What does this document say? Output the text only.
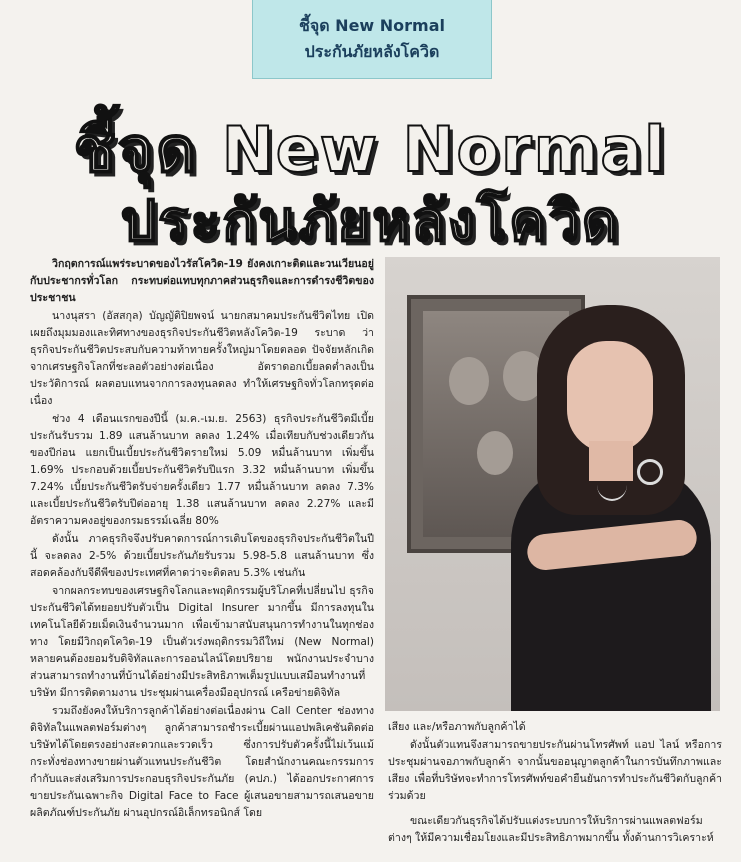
ชี้จุด New Normal
ประกันภัยหลังโควิด
ชี้จุด New Normal
ประกันภัยหลังโควิด

วิกฤตการณ์แพร่ระบาดของไวรัสโควิด-19 ยังคงเกาะติดและวนเวียนอยู่กับประชากรทั่วโลก กระทบต่อแทบทุกภาคส่วนธุรกิจและการดำรงชีวิตของประชาชน

นางนุสรา (อัสสกุล) บัญญัติปิยพจน์ นายกสมาคมประกันชีวิตไทย เปิดเผยถึงมุมมองและทิศทางของธุรกิจประกันชีวิตหลังโควิด-19 ระบาด ว่า ธุรกิจประกันชีวิตประสบกับความท้าทายครั้งใหญ่มาโดยตลอด ปัจจัยหลักเกิดจากเศรษฐกิจโลกที่ชะลอตัวอย่างต่อเนื่อง อัตราดอกเบี้ยลดต่ำลงเป็นประวัติการณ์ ผลตอบแทนจากการลงทุนลดลง ทำให้เศรษฐกิจทั่วโลกทรุดต่อเนื่อง

ช่วง 4 เดือนแรกของปีนี้ (ม.ค.-เม.ย. 2563) ธุรกิจประกันชีวิตมีเบี้ยประกันรับรวม 1.89 แสนล้านบาท ลดลง 1.24% เมื่อเทียบกับช่วงเดียวกันของปีก่อน แยกเป็นเบี้ยประกันชีวิตรายใหม่ 5.09 หมื่นล้านบาท เพิ่มขึ้น 1.69% ประกอบด้วยเบี้ยประกันชีวิตรับปีแรก 3.32 หมื่นล้านบาท เพิ่มขึ้น 7.24% เบี้ยประกันชีวิตรับจ่ายครั้งเดียว 1.77 หมื่นล้านบาท ลดลง 7.3% และเบี้ยประกันชีวิตรับปีต่ออายุ 1.38 แสนล้านบาท ลดลง 2.27% และมีอัตราความคงอยู่ของกรมธรรม์เฉลี่ย 80%

ดังนั้น ภาคธุรกิจจึงปรับคาดการณ์การเติบโตของธุรกิจประกันชีวิตในปีนี้ จะลดลง 2-5% ด้วยเบี้ยประกันภัยรับรวม 5.98-5.8 แสนล้านบาท ซึ่งสอดคล้องกับจีดีพีของประเทศที่คาดว่าจะติดลบ 5.3% เช่นกัน

จากผลกระทบของเศรษฐกิจโลกและพฤติกรรมผู้บริโภคที่เปลี่ยนไป ธุรกิจประกันชีวิตได้ทยอยปรับตัวเป็น Digital Insurer มากขึ้น มีการลงทุนในเทคโนโลยีด้วยเม็ดเงินจำนวนมาก เพื่อเข้ามาสนับสนุนการทำงานในทุกช่องทาง โดยมีวิกฤตโควิด-19 เป็นตัวเร่งพฤติกรรมวิถีใหม่ (New Normal) หลายคนต้องยอมรับดิจิทัลและการออนไลน์โดยปริยาย พนักงานประจำบางส่วนสามารถทำงานที่บ้านได้อย่างมีประสิทธิภาพเต็มรูปแบบเสมือนทำงานที่บริษัท มีการติดตามงาน ประชุมผ่านเครื่องมืออุปกรณ์ เครือข่ายดิจิทัล

รวมถึงยังคงให้บริการลูกค้าได้อย่างต่อเนื่องผ่าน Call Center ช่องทางดิจิทัลในแพลตฟอร์มต่างๆ ลูกค้าสามารถชำระเบี้ยผ่านแอปพลิเคชันติดต่อบริษัทได้โดยตรงอย่างสะดวกและรวดเร็ว ซึ่งการปรับตัวครั้งนี้ไม่เว้นแม้กระทั่งช่องทางขายผ่านตัวแทนประกันชีวิต โดยสำนักงานคณะกรรมการกำกับและส่งเสริมการประกอบธุรกิจประกันภัย (คปภ.) ได้ออกประกาศการขายประกันเฉพาะกิจ Digital Face to Face ผู้เสนอขายสามารถเสนอขายผลิตภัณฑ์ประกันภัย ผ่านอุปกรณ์อิเล็กทรอนิกส์ โดย

เสียง และ/หรือภาพกับลูกค้าได้

ดังนั้นตัวแทนจึงสามารถขายประกันผ่านโทรศัพท์ แอป ไลน์ หรือการประชุมผ่านจอภาพกับลูกค้า จากนั้นขออนุญาตลูกค้าในการบันทึกภาพและเสียง เพื่อที่บริษัทจะทำการโทรศัพท์ขอคำยืนยันการทำประกันชีวิตกับลูกค้าร่วมด้วย

ขณะเดียวกันธุรกิจได้ปรับแต่งระบบการให้บริการผ่านแพลตฟอร์มต่างๆ ให้มีความเชื่อมโยงและมีประสิทธิภาพมากขึ้น ทั้งด้านการวิเคราะห์
